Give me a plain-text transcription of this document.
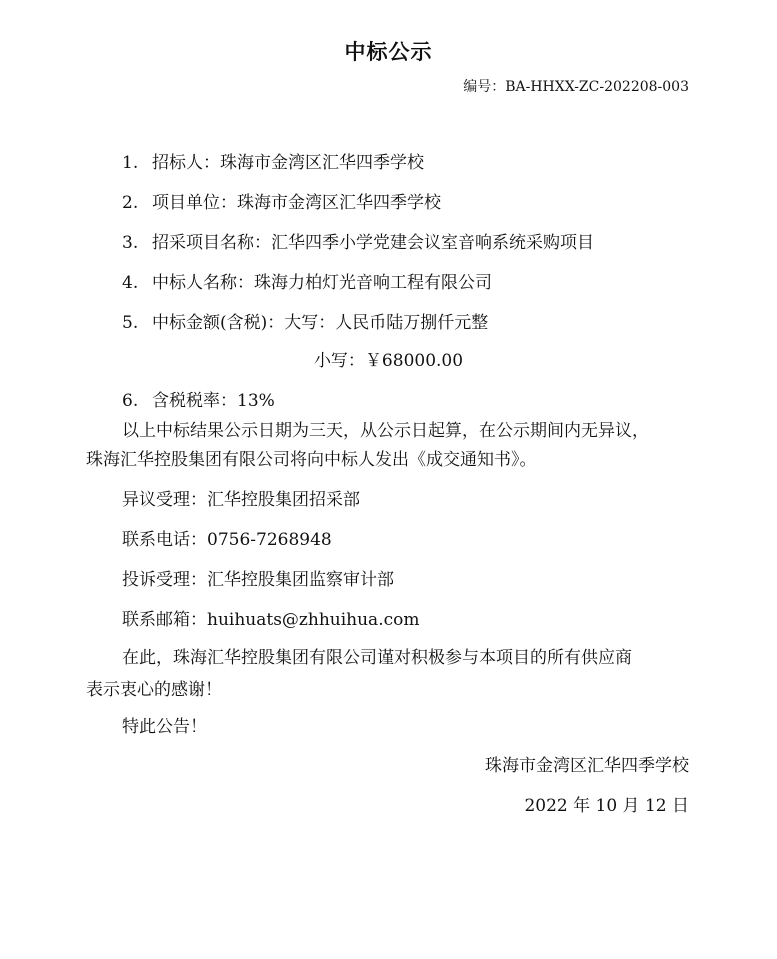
中标公示
编号：BA-HHXX-ZC-202208-003
1. 招标人：珠海市金湾区汇华四季学校
2. 项目单位：珠海市金湾区汇华四季学校
3. 招采项目名称：汇华四季小学党建会议室音响系统采购项目
4. 中标人名称：珠海力柏灯光音响工程有限公司
5. 中标金额(含税)：大写：人民币陆万捌仟元整
小写：￥68000.00
6. 含税税率：13%
以上中标结果公示日期为三天，从公示日起算，在公示期间内无异议，
珠海汇华控股集团有限公司将向中标人发出《成交通知书》。
异议受理：汇华控股集团招采部
联系电话：0756-7268948
投诉受理：汇华控股集团监察审计部
联系邮箱：huihuats@zhhuihua.com
在此，珠海汇华控股集团有限公司谨对积极参与本项目的所有供应商
表示衷心的感谢！
特此公告！
珠海市金湾区汇华四季学校
2022 年 10 月 12 日
